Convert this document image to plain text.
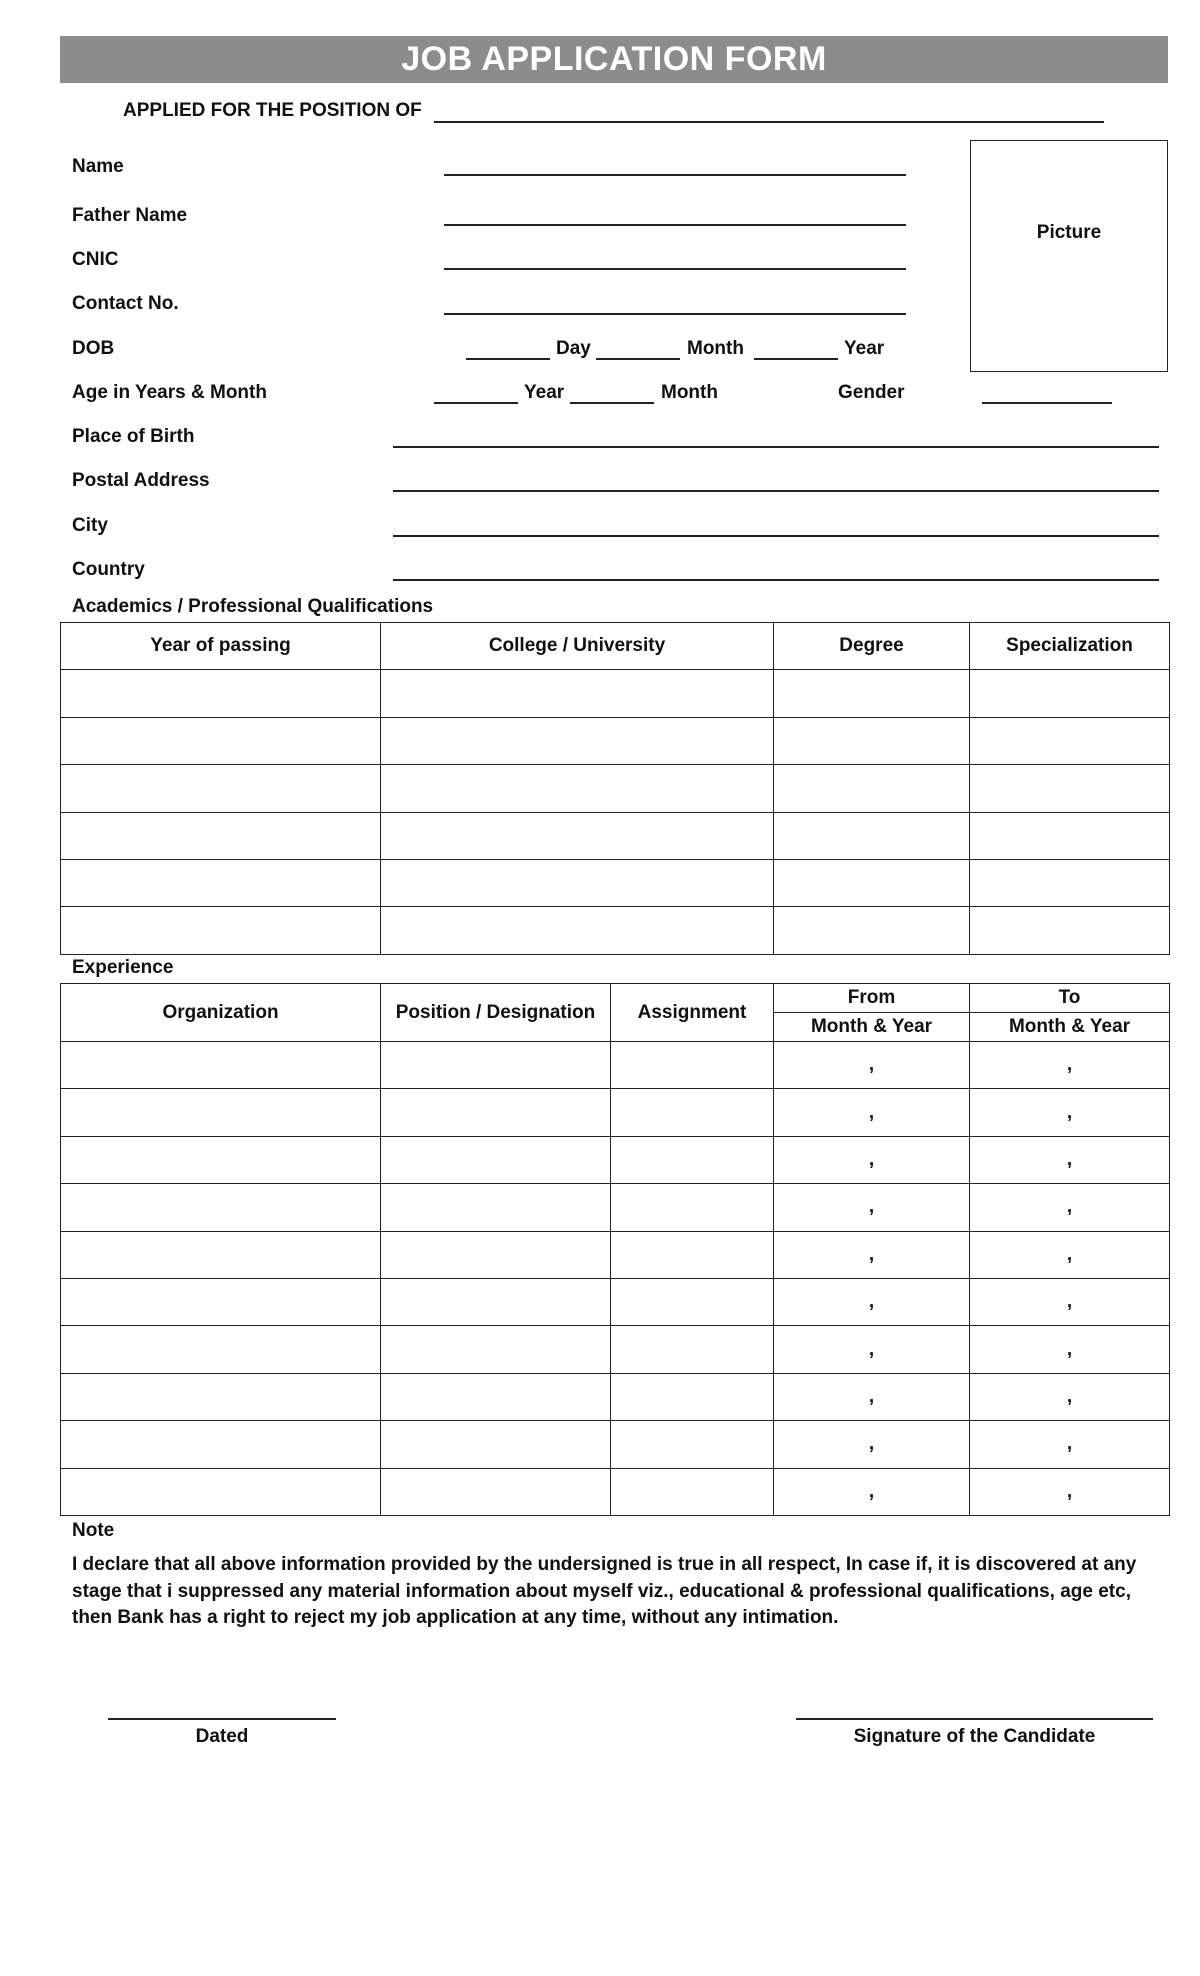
JOB APPLICATION FORM
APPLIED FOR THE POSITION OF
Name
Father Name
CNIC
Contact No.
DOB	Day	Month	Year
Age in Years & Month	Year	Month	Gender
Place of Birth
Postal Address
City
Country
Picture
Academics / Professional Qualifications
Year of passing	College / University	Degree	Specialization

Experience
Organization	Position / Designation	Assignment	From	To
			Month & Year	Month & Year
			,	,
			,	,
			,	,
			,	,
			,	,
			,	,
			,	,
			,	,
			,	,
			,	,
Note
I declare that all above information provided by the undersigned is true in all respect, In case if, it is discovered at any stage that i suppressed any material information about myself viz., educational & professional qualifications, age etc, then Bank has a right to reject my job application at any time, without any intimation.
Dated	Signature of the Candidate
